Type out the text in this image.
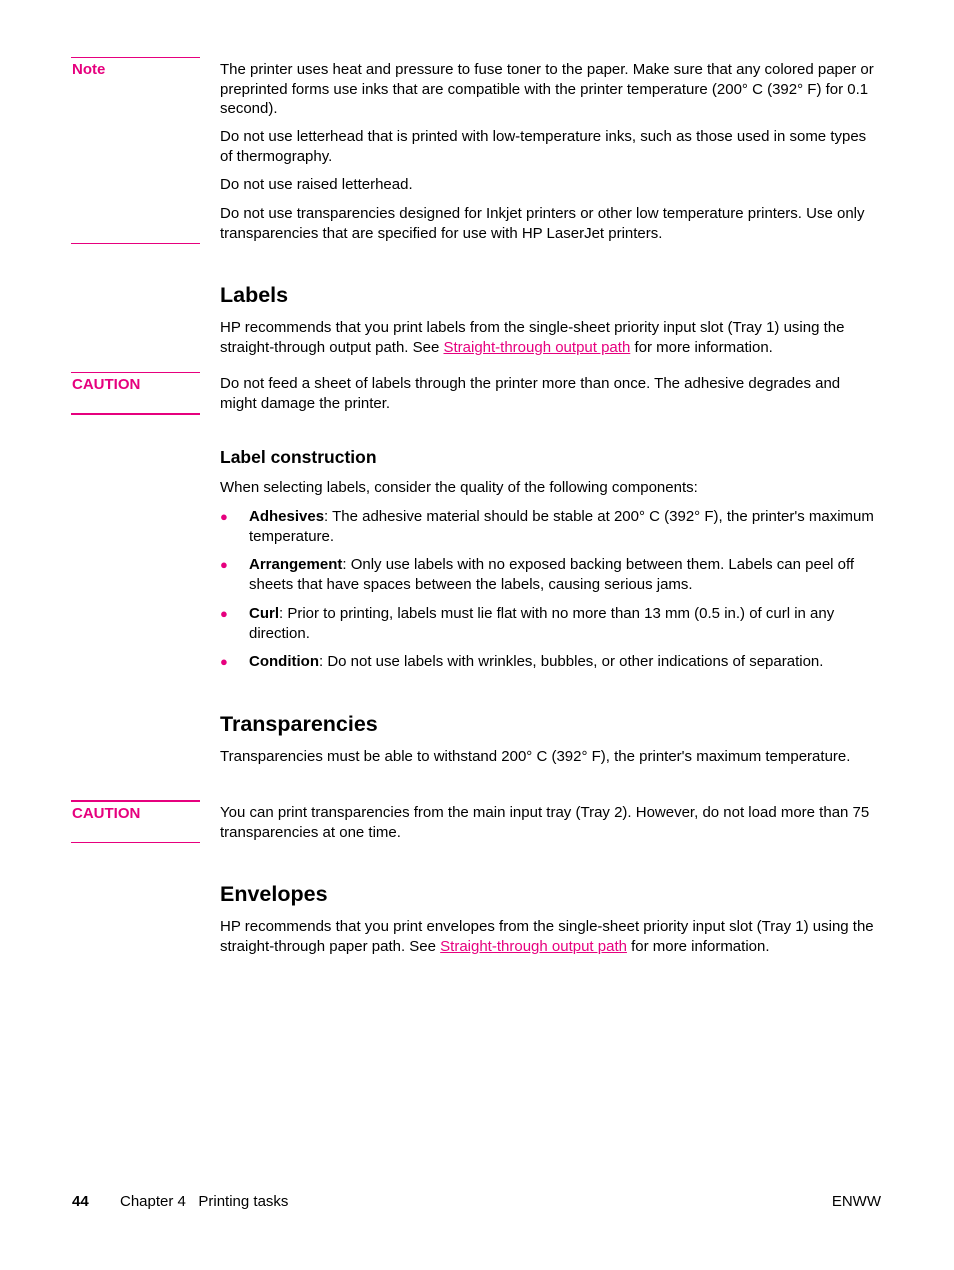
Note	The printer uses heat and pressure to fuse toner to the paper. Make sure that any colored paper or preprinted forms use inks that are compatible with the printer temperature (200° C (392° F) for 0.1 second).

Do not use letterhead that is printed with low-temperature inks, such as those used in some types of thermography.

Do not use raised letterhead.

Do not use transparencies designed for Inkjet printers or other low temperature printers. Use only transparencies that are specified for use with HP LaserJet printers.

Labels

HP recommends that you print labels from the single-sheet priority input slot (Tray 1) using the straight-through output path. See Straight-through output path for more information.

CAUTION	Do not feed a sheet of labels through the printer more than once. The adhesive degrades and might damage the printer.

Label construction

When selecting labels, consider the quality of the following components:

● Adhesives: The adhesive material should be stable at 200° C (392° F), the printer's maximum temperature.

● Arrangement: Only use labels with no exposed backing between them. Labels can peel off sheets that have spaces between the labels, causing serious jams.

● Curl: Prior to printing, labels must lie flat with no more than 13 mm (0.5 in.) of curl in any direction.

● Condition: Do not use labels with wrinkles, bubbles, or other indications of separation.

Transparencies

Transparencies must be able to withstand 200° C (392° F), the printer's maximum temperature.

CAUTION	You can print transparencies from the main input tray (Tray 2). However, do not load more than 75 transparencies at one time.

Envelopes

HP recommends that you print envelopes from the single-sheet priority input slot (Tray 1) using the straight-through paper path. See Straight-through output path for more information.

44 Chapter 4   Printing tasks	ENWW
